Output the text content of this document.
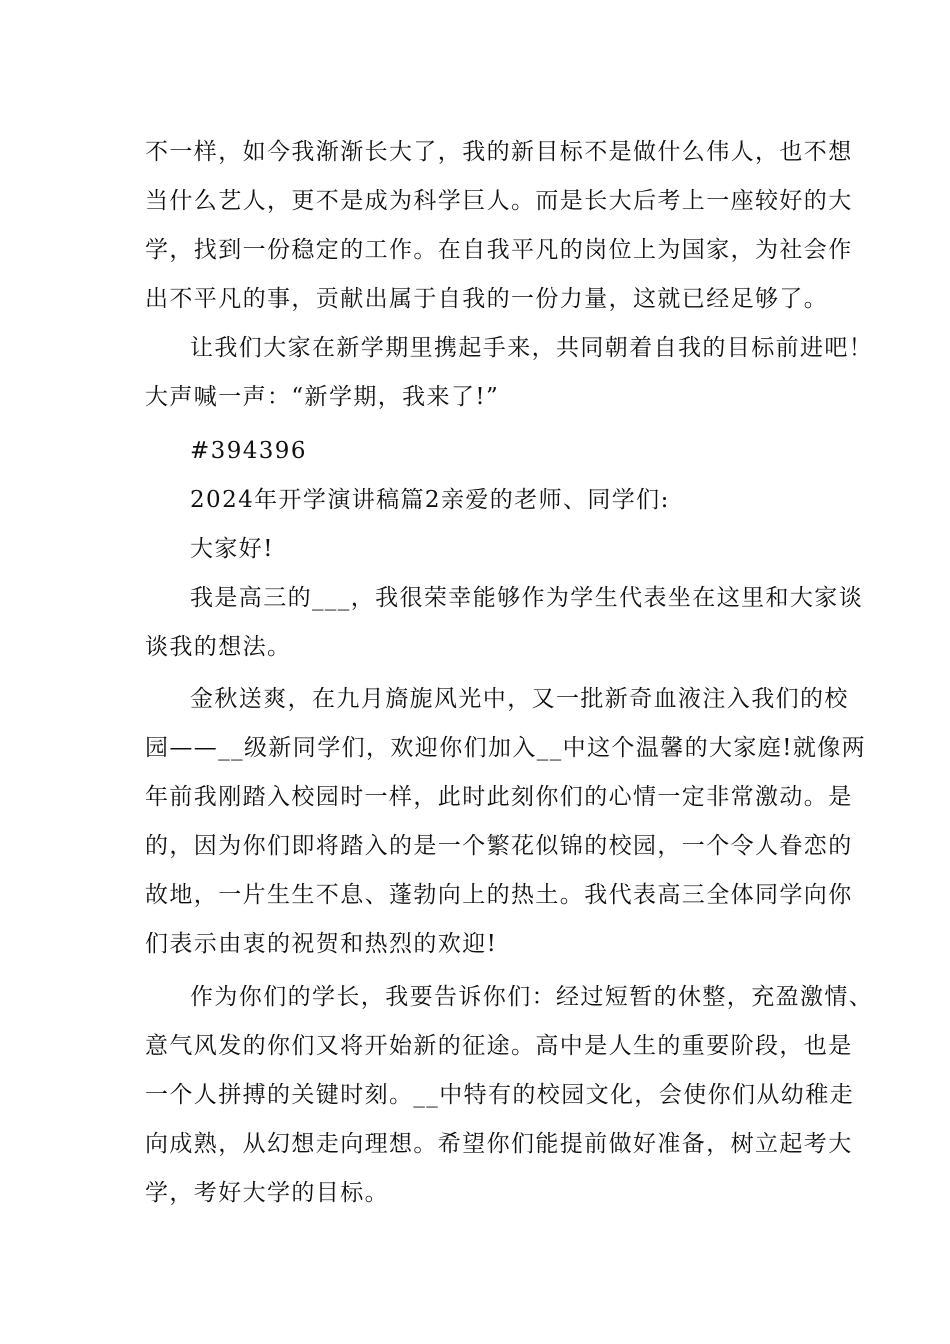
不一样，如今我渐渐长大了，我的新目标不是做什么伟人，也不想
当什么艺人，更不是成为科学巨人。而是长大后考上一座较好的大
学，找到一份稳定的工作。在自我平凡的岗位上为国家，为社会作
出不平凡的事，贡献出属于自我的一份力量，这就已经足够了。
让我们大家在新学期里携起手来，共同朝着自我的目标前进吧！
大声喊一声：“新学期，我来了!”
#394396
2024年开学演讲稿篇2亲爱的老师、同学们:
大家好!
我是高三的___，我很荣幸能够作为学生代表坐在这里和大家谈
谈我的想法。
金秋送爽，在九月旖旎风光中，又一批新奇血液注入我们的校
园——__级新同学们，欢迎你们加入__中这个温馨的大家庭!就像两
年前我刚踏入校园时一样，此时此刻你们的心情一定非常激动。是
的，因为你们即将踏入的是一个繁花似锦的校园，一个令人眷恋的
故地，一片生生不息、蓬勃向上的热土。我代表高三全体同学向你
们表示由衷的祝贺和热烈的欢迎!
作为你们的学长，我要告诉你们：经过短暂的休整，充盈激情、
意气风发的你们又将开始新的征途。高中是人生的重要阶段，也是
一个人拼搏的关键时刻。__中特有的校园文化，会使你们从幼稚走
向成熟，从幻想走向理想。希望你们能提前做好准备，树立起考大
学，考好大学的目标。
